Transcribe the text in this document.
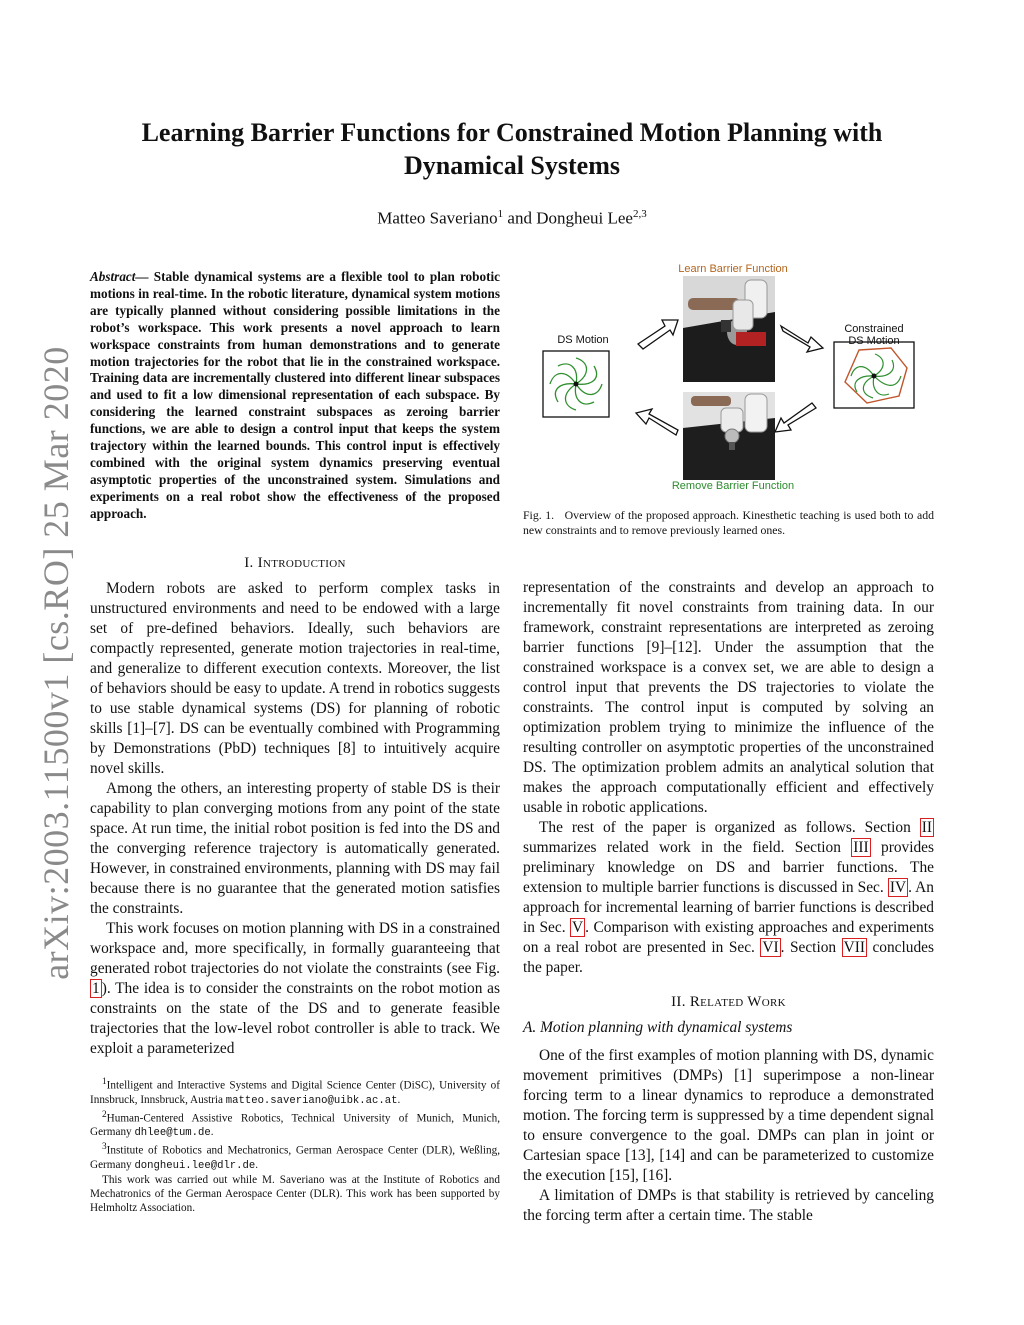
arXiv:2003.11500v1 [cs.RO] 25 Mar 2020
Learning Barrier Functions for Constrained Motion Planning with Dynamical Systems
Matteo Saveriano$^1$ and Dongheui Lee$^{2,3}$
Abstract— Stable dynamical systems are a flexible tool to plan robotic motions in real-time. In the robotic literature, dynamical system motions are typically planned without considering possible limitations in the robot’s workspace. This work presents a novel approach to learn workspace constraints from human demonstrations and to generate motion trajectories for the robot that lie in the constrained workspace. Training data are incrementally clustered into different linear subspaces and used to fit a low dimensional representation of each subspace. By considering the learned constraint subspaces as zeroing barrier functions, we are able to design a control input that keeps the system trajectory within the learned bounds. This control input is effectively combined with the original system dynamics preserving eventual asymptotic properties of the unconstrained system. Simulations and experiments on a real robot show the effectiveness of the proposed approach.
I. Introduction

Modern robots are asked to perform complex tasks in unstructured environments and need to be endowed with a large set of pre-defined behaviors. Ideally, such behaviors are compactly represented, generate motion trajectories in real-time, and generalize to different execution contexts. Moreover, the list of behaviors should be easy to update. A trend in robotics suggests to use stable dynamical systems (DS) for planning of robotic skills [1]–[7]. DS can be eventually combined with Programming by Demonstrations (PbD) techniques [8] to intuitively acquire novel skills.

Among the others, an interesting property of stable DS is their capability to plan converging motions from any point of the state space. At run time, the initial robot position is fed into the DS and the converging reference trajectory is automatically generated. However, in constrained environments, planning with DS may fail because there is no guarantee that the generated motion satisfies the constraints.

This work focuses on motion planning with DS in a constrained workspace and, more specifically, in formally guaranteeing that generated robot trajectories do not violate the constraints (see Fig. 1 ). The idea is to consider the constraints on the robot motion as constraints on the state of the DS and to generate feasible trajectories that the low-level robot controller is able to track. We exploit a parameterized

$^1$Intelligent and Interactive Systems and Digital Science Center (DiSC), University of Innsbruck, Innsbruck, Austria matteo.saveriano@uibk.ac.at.

$^2$Human-Centered Assistive Robotics, Technical University of Munich, Munich, Germany dhlee@tum.de.

$^3$Institute of Robotics and Mechatronics, German Aerospace Center (DLR), Weßling, Germany dongheui.lee@dlr.de.

This work was carried out while M. Saveriano was at the Institute of Robotics and Mechatronics of the German Aerospace Center (DLR). This work has been supported by Helmholtz Association.

Learn Barrier Function
DS Motion
Constrained
DS Motion
Remove Barrier Function
Fig. 1. Overview of the proposed approach. Kinesthetic teaching is used both to add new constraints and to remove previously learned ones.

representation of the constraints and develop an approach to incrementally fit novel constraints from training data. In our framework, constraint representations are interpreted as zeroing barrier functions [9]–[12]. Under the assumption that the constrained workspace is a convex set, we are able to design a control input that prevents the DS trajectories to violate the constraints. The control input is computed by solving an optimization problem trying to minimize the influence of the resulting controller on asymptotic properties of the unconstrained DS. The optimization problem admits an analytical solution that makes the approach computationally efficient and effectively usable in robotic applications.

The rest of the paper is organized as follows. Section II summarizes related work in the field. Section III provides preliminary knowledge on DS and barrier functions. The extension to multiple barrier functions is discussed in Sec. IV . An approach for incremental learning of barrier functions is described in Sec. V . Comparison with existing approaches and experiments on a real robot are presented in Sec. VI . Section VII concludes the paper.

II. Related Work
A. Motion planning with dynamical systems

One of the first examples of motion planning with DS, dynamic movement primitives (DMPs) [1] superimpose a non-linear forcing term to a linear dynamics to reproduce a demonstrated motion. The forcing term is suppressed by a time dependent signal to ensure convergence to the goal. DMPs can plan in joint or Cartesian space [13], [14] and can be parameterized to customize the execution [15], [16].

A limitation of DMPs is that stability is retrieved by canceling the forcing term after a certain time. The stable
